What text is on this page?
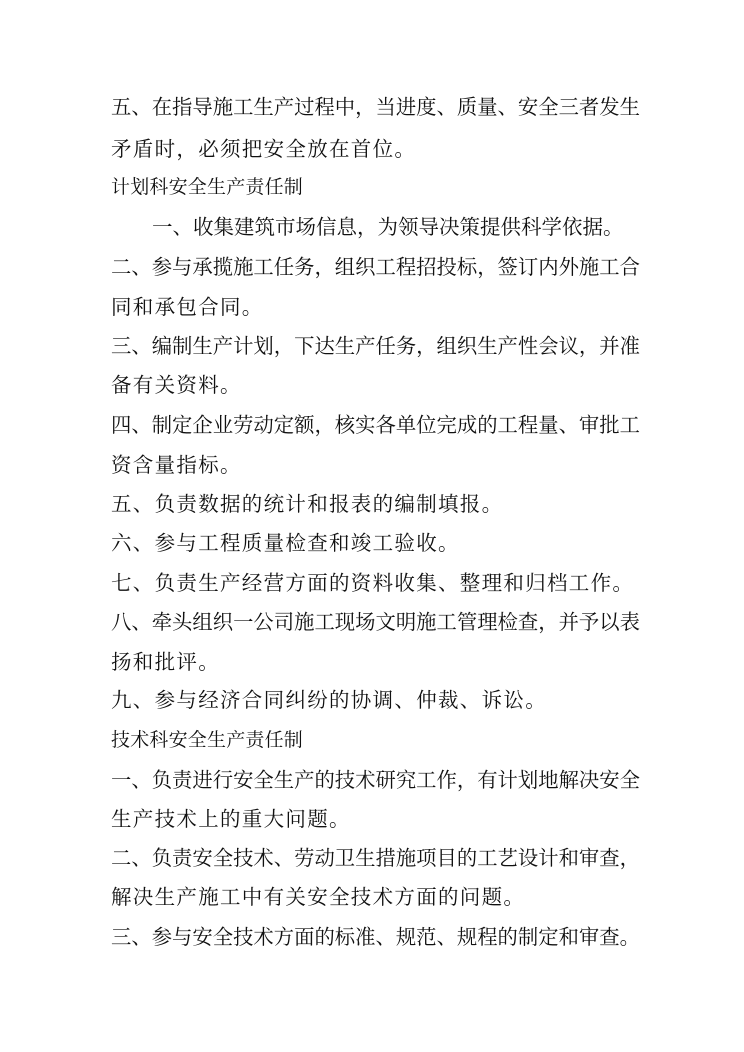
五、在指导施工生产过程中，当进度、质量、安全三者发生
矛盾时，必须把安全放在首位。
计划科安全生产责任制
一、收集建筑市场信息，为领导决策提供科学依据。
二、参与承揽施工任务，组织工程招投标，签订内外施工合
同和承包合同。
三、编制生产计划，下达生产任务，组织生产性会议，并准
备有关资料。
四、制定企业劳动定额，核实各单位完成的工程量、审批工
资含量指标。
五、负责数据的统计和报表的编制填报。
六、参与工程质量检查和竣工验收。
七、负责生产经营方面的资料收集、整理和归档工作。
八、牵头组织一公司施工现场文明施工管理检查，并予以表
扬和批评。
九、参与经济合同纠纷的协调、仲裁、诉讼。
技术科安全生产责任制
一、负责进行安全生产的技术研究工作，有计划地解决安全
生产技术上的重大问题。
二、负责安全技术、劳动卫生措施项目的工艺设计和审查，
解决生产施工中有关安全技术方面的问题。
三、参与安全技术方面的标准、规范、规程的制定和审查。
